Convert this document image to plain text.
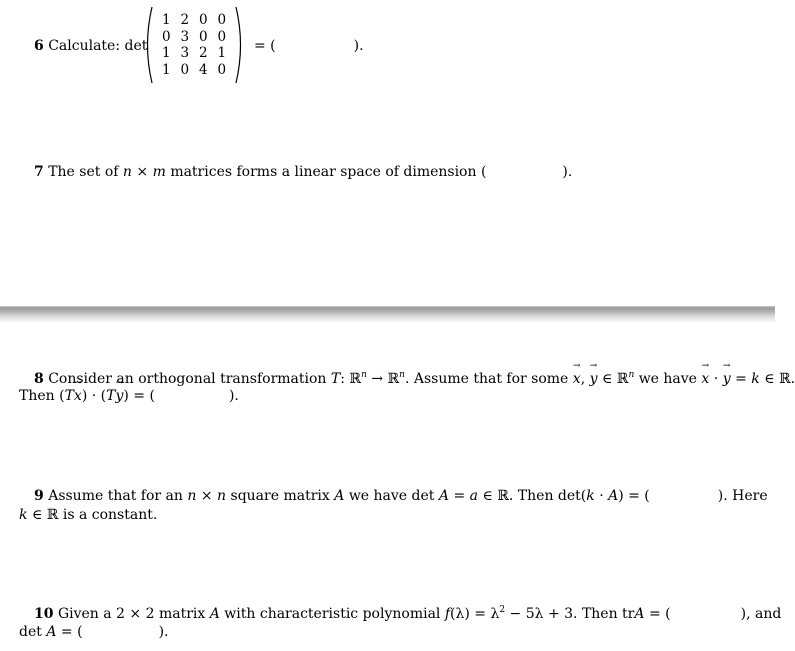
6 Calculate: det
1 2 0 0
0 3 0 0
1 3 2 1
1 0 4 0
= (	).
7 The set of n × m matrices forms a linear space of dimension (	).
8 Consider an orthogonal transformation T: ℝ$^n$ → ℝ$^n$. Assume that for some → x, → y ∈ ℝ$^n$ we have → x · → y = k ∈ ℝ.
Then (T→ x) · (T→ y) = (	).
9 Assume that for an n × n square matrix A we have det A = a ∈ ℝ. Then det(k · A) = (	). Here
k ∈ ℝ is a constant.
10 Given a 2 × 2 matrix A with characteristic polynomial $f(\lambda) = \lambda^2 - 5\lambda + 3$. Then trA = (	), and
det A = (	).
